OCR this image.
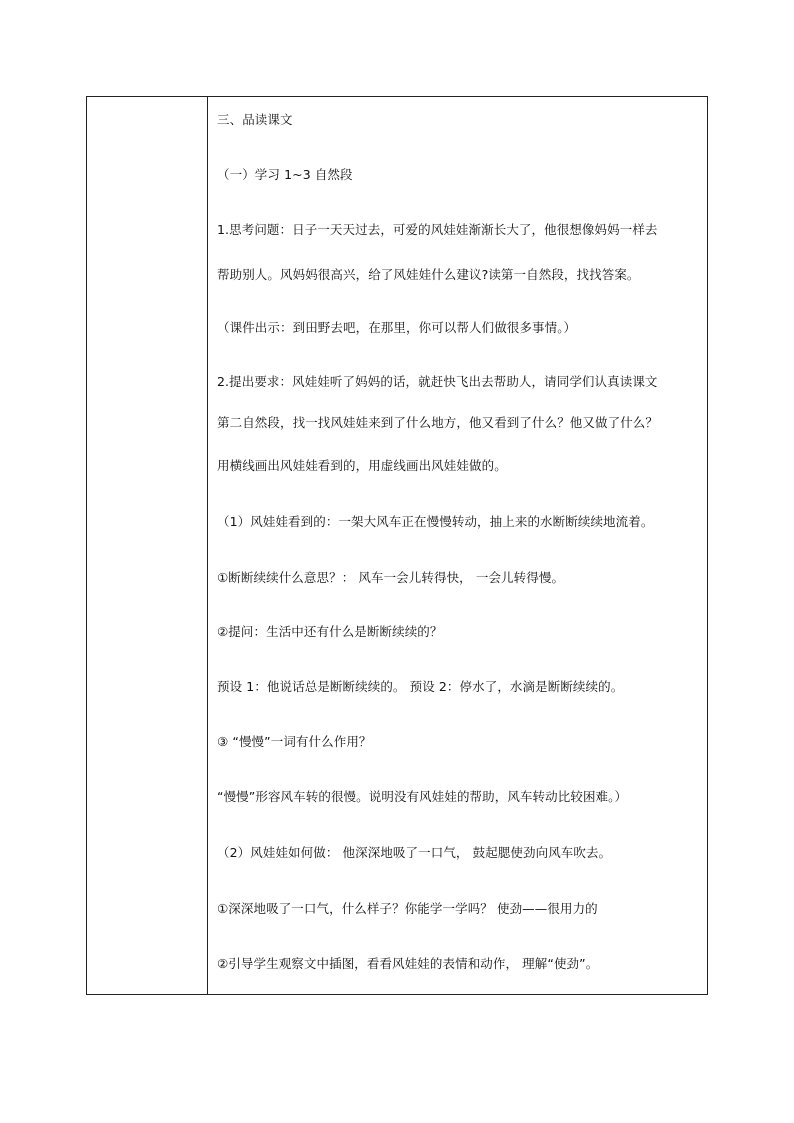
三、品读课文
（一）学习 1~3 自然段
1.思考问题：日子一天天过去，可爱的风娃娃渐渐长大了，他很想像妈妈一样去
帮助别人。风妈妈很高兴，给了风娃娃什么建议?读第一自然段，找找答案。
（课件出示：到田野去吧，在那里，你可以帮人们做很多事情。）
2.提出要求：风娃娃听了妈妈的话，就赶快飞出去帮助人，请同学们认真读课文
第二自然段，找一找风娃娃来到了什么地方，他又看到了什么？他又做了什么？
用横线画出风娃娃看到的，用虚线画出风娃娃做的。
（1）风娃娃看到的：一架大风车正在慢慢转动，抽上来的水断断续续地流着。
①断断续续什么意思？： 风车一会儿转得快， 一会儿转得慢。
②提问：生活中还有什么是断断续续的？
预设 1：他说话总是断断续续的。 预设 2：停水了，水滴是断断续续的。
③ “慢慢”一词有什么作用？
“慢慢”形容风车转的很慢。说明没有风娃娃的帮助，风车转动比较困难。）
（2）风娃娃如何做： 他深深地吸了一口气， 鼓起腮使劲向风车吹去。
①深深地吸了一口气，什么样子？你能学一学吗？ 使劲——很用力的
②引导学生观察文中插图，看看风娃娃的表情和动作， 理解“使劲”。
